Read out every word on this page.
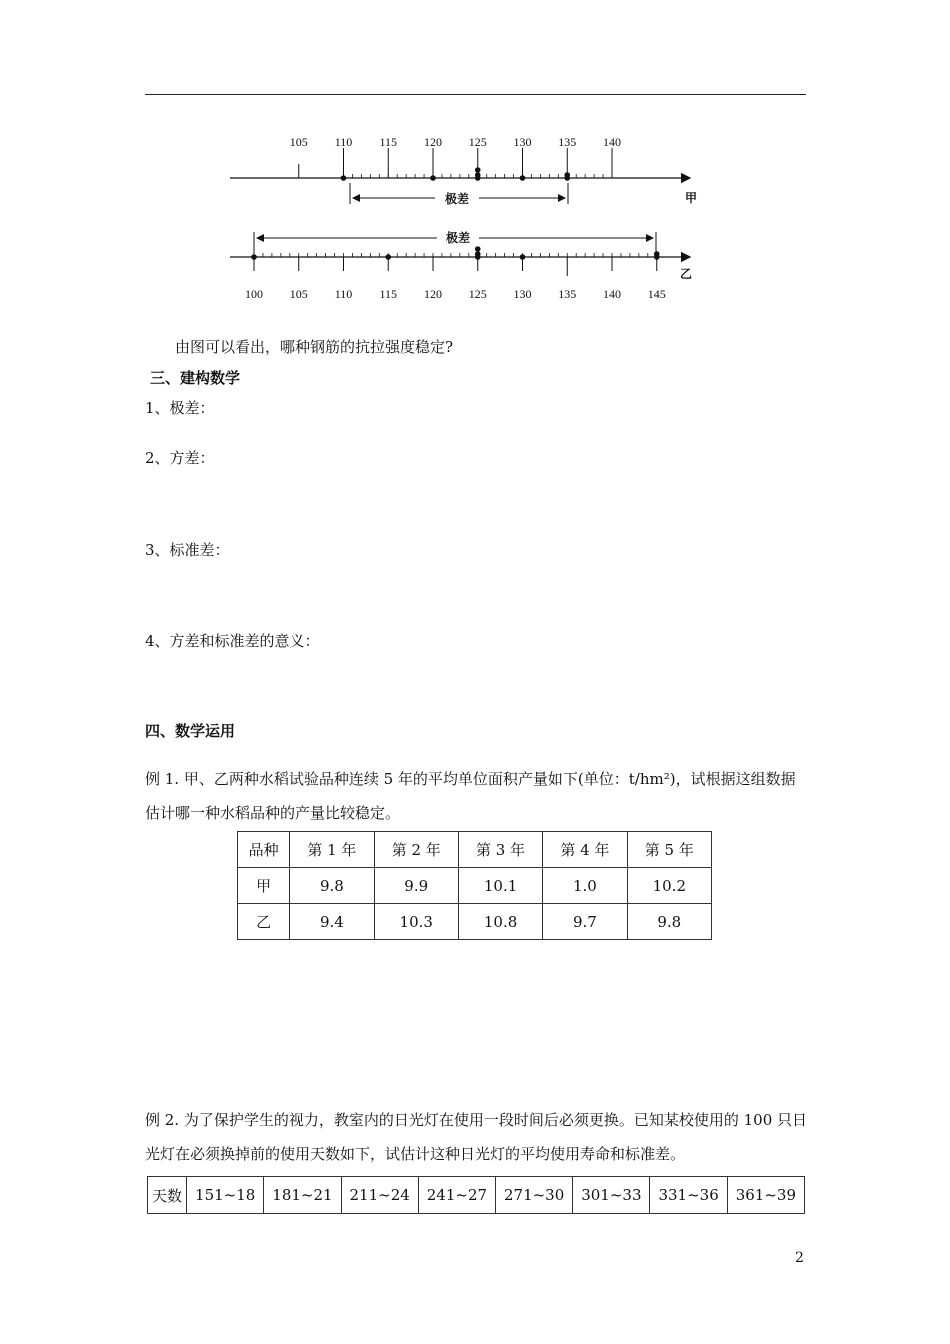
105 110 115 120 125 130 135 140
极差	甲
极差
100 105 110 115 120 125 130 135 140 145
乙
由图可以看出，哪种钢筋的抗拉强度稳定?
三、建构数学
1、极差：
2、方差：
3、标准差：
4、方差和标准差的意义：
四、数学运用
例 1. 甲、乙两种水稻试验品种连续 5 年的平均单位面积产量如下(单位：t/hm²)，试根据这组数据估计哪一种水稻品种的产量比较稳定。
品种	第 1 年	第 2 年	第 3 年	第 4 年	第 5 年
甲	9.8	9.9	10.1	1.0	10.2
乙	9.4	10.3	10.8	9.7	9.8
例 2. 为了保护学生的视力，教室内的日光灯在使用一段时间后必须更换。已知某校使用的 100 只日光灯在必须换掉前的使用天数如下，试估计这种日光灯的平均使用寿命和标准差。
天数	151~18	181~21	211~24	241~27	271~30	301~33	331~36	361~39
2
